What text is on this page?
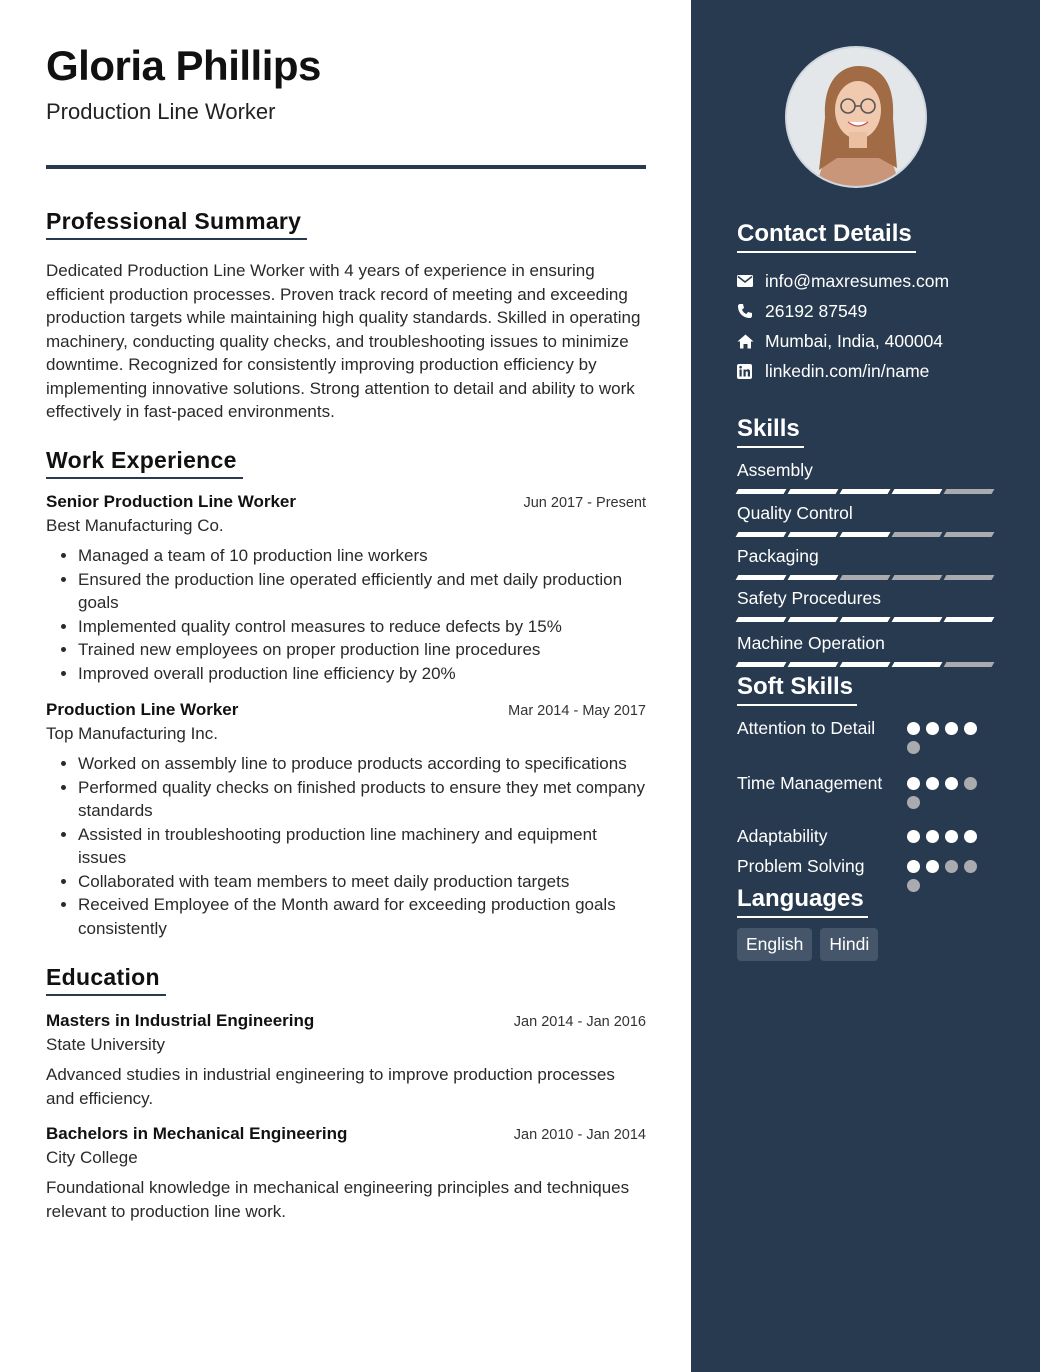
Gloria Phillips
Production Line Worker
Professional Summary
Dedicated Production Line Worker with 4 years of experience in ensuring efficient production processes. Proven track record of meeting and exceeding production targets while maintaining high quality standards. Skilled in operating machinery, conducting quality checks, and troubleshooting issues to minimize downtime. Recognized for consistently improving production efficiency by implementing innovative solutions. Strong attention to detail and ability to work effectively in fast-paced environments.
Work Experience
Senior Production Line Worker	Jun 2017 - Present
Best Manufacturing Co.
• Managed a team of 10 production line workers
• Ensured the production line operated efficiently and met daily production goals
• Implemented quality control measures to reduce defects by 15%
• Trained new employees on proper production line procedures
• Improved overall production line efficiency by 20%
Production Line Worker	Mar 2014 - May 2017
Top Manufacturing Inc.
• Worked on assembly line to produce products according to specifications
• Performed quality checks on finished products to ensure they met company standards
• Assisted in troubleshooting production line machinery and equipment issues
• Collaborated with team members to meet daily production targets
• Received Employee of the Month award for exceeding production goals consistently
Education
Masters in Industrial Engineering	Jan 2014 - Jan 2016
State University
Advanced studies in industrial engineering to improve production processes and efficiency.
Bachelors in Mechanical Engineering	Jan 2010 - Jan 2014
City College
Foundational knowledge in mechanical engineering principles and techniques relevant to production line work.
Contact Details
info@maxresumes.com
26192 87549
Mumbai, India, 400004
linkedin.com/in/name
Skills
Assembly
Quality Control
Packaging
Safety Procedures
Machine Operation
Soft Skills
Attention to Detail
Time Management
Adaptability
Problem Solving
Languages
English	Hindi
